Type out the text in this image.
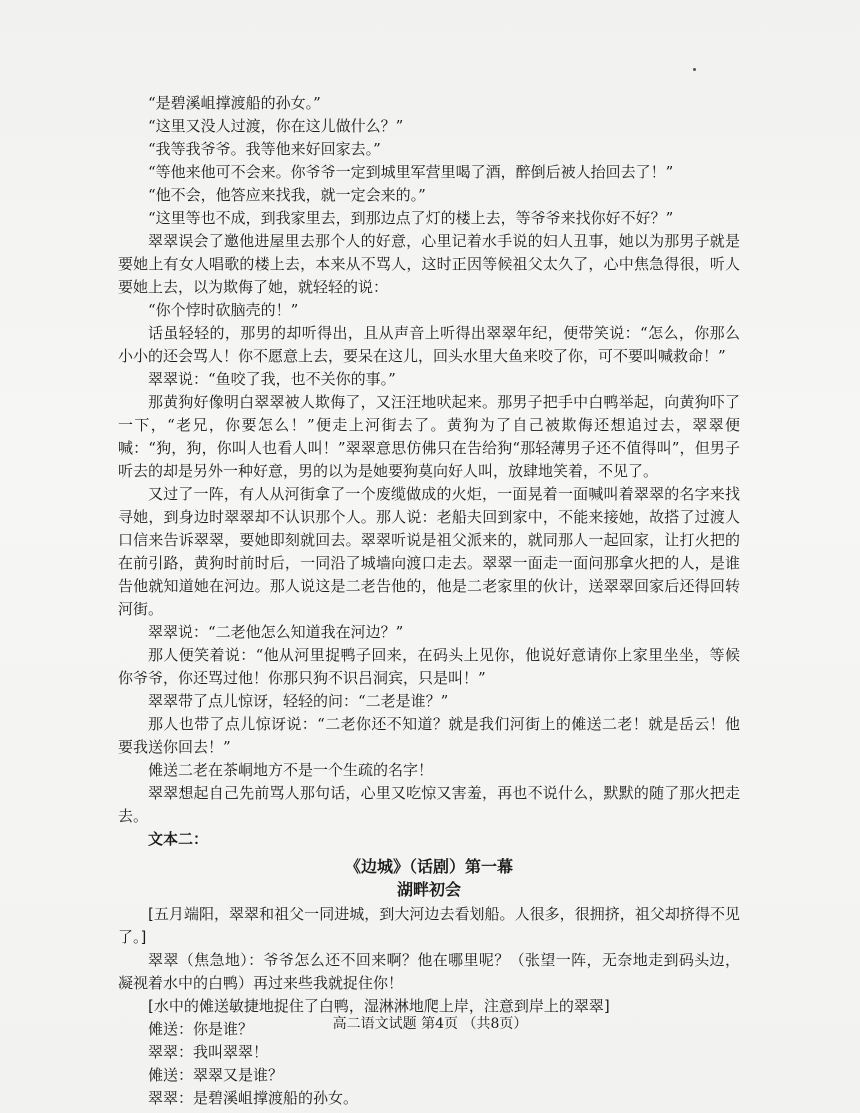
“是碧溪岨撑渡船的孙女。”

“这里又没人过渡，你在这儿做什么？”

“我等我爷爷。我等他来好回家去。”

“等他来他可不会来。你爷爷一定到城里军营里喝了酒，醉倒后被人抬回去了！”

“他不会，他答应来找我，就一定会来的。”

“这里等也不成，到我家里去，到那边点了灯的楼上去，等爷爷来找你好不好？”

翠翠误会了邀他进屋里去那个人的好意，心里记着水手说的妇人丑事，她以为那男子就是要她上有女人唱歌的楼上去，本来从不骂人，这时正因等候祖父太久了，心中焦急得很，听人要她上去，以为欺侮了她，就轻轻的说：

“你个悖时砍脑壳的！”

话虽轻轻的，那男的却听得出，且从声音上听得出翠翠年纪，便带笑说：“怎么，你那么小小的还会骂人！你不愿意上去，要呆在这儿，回头水里大鱼来咬了你，可不要叫喊救命！”

翠翠说：“鱼咬了我，也不关你的事。”

那黄狗好像明白翠翠被人欺侮了，又汪汪地吠起来。那男子把手中白鸭举起，向黄狗吓了一下，“老兄，你要怎么！”便走上河街去了。黄狗为了自己被欺侮还想追过去，翠翠便喊：“狗，狗，你叫人也看人叫！”翠翠意思仿佛只在告给狗“那轻薄男子还不值得叫”，但男子听去的却是另外一种好意，男的以为是她要狗莫向好人叫，放肆地笑着，不见了。

又过了一阵，有人从河街拿了一个废缆做成的火炬，一面晃着一面喊叫着翠翠的名字来找寻她，到身边时翠翠却不认识那个人。那人说：老船夫回到家中，不能来接她，故搭了过渡人口信来告诉翠翠，要她即刻就回去。翠翠听说是祖父派来的，就同那人一起回家，让打火把的在前引路，黄狗时前时后，一同沿了城墙向渡口走去。翠翠一面走一面问那拿火把的人，是谁告他就知道她在河边。那人说这是二老告他的，他是二老家里的伙计，送翠翠回家后还得回转河街。

翠翠说：“二老他怎么知道我在河边？”

那人便笑着说：“他从河里捉鸭子回来，在码头上见你，他说好意请你上家里坐坐，等候你爷爷，你还骂过他！你那只狗不识吕洞宾，只是叫！”

翠翠带了点儿惊讶，轻轻的问：“二老是谁？”

那人也带了点儿惊讶说：“二老你还不知道？就是我们河街上的傩送二老！就是岳云！他要我送你回去！”

傩送二老在茶峒地方不是一个生疏的名字！

翠翠想起自己先前骂人那句话，心里又吃惊又害羞，再也不说什么，默默的随了那火把走去。

文本二：

《边城》（话剧）第一幕

湖畔初会

[五月端阳，翠翠和祖父一同进城，到大河边去看划船。人很多，很拥挤，祖父却挤得不见了。]

翠翠（焦急地）：爷爷怎么还不回来啊？他在哪里呢？（张望一阵，无奈地走到码头边，凝视着水中的白鸭）再过来些我就捉住你！

[水中的傩送敏捷地捉住了白鸭，湿淋淋地爬上岸，注意到岸上的翠翠]

傩送：你是谁？

翠翠：我叫翠翠！

傩送：翠翠又是谁？

翠翠：是碧溪岨撑渡船的孙女。

高二语文试题 第4页 （共8页）
